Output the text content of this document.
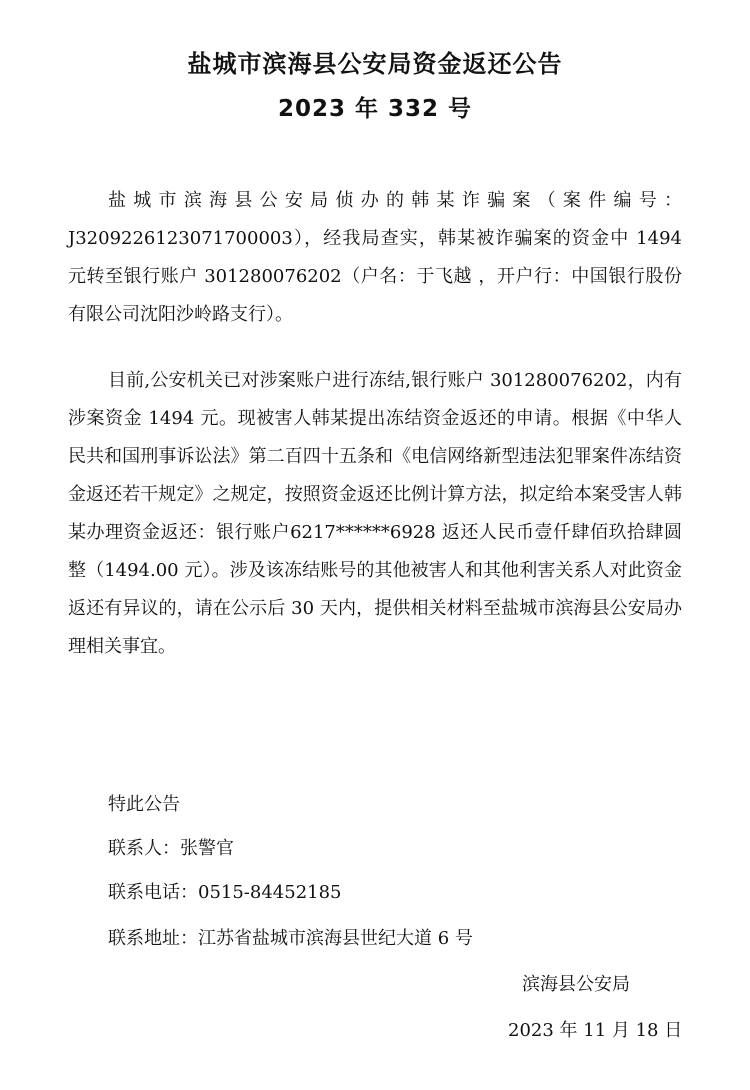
盐城市滨海县公安局资金返还公告
2023 年 332 号

盐城市滨海县公安局侦办的韩某诈骗案（案件编号：J3209226123071700003），经我局查实，韩某被诈骗案的资金中 1494 元转至银行账户 301280076202（户名：于飞越 ，开户行：中国银行股份有限公司沈阳沙岭路支行）。

目前,公安机关已对涉案账户进行冻结,银行账户 301280076202，内有涉案资金 1494 元。现被害人韩某提出冻结资金返还的申请。根据《中华人民共和国刑事诉讼法》第二百四十五条和《电信网络新型违法犯罪案件冻结资金返还若干规定》之规定，按照资金返还比例计算方法，拟定给本案受害人韩某办理资金返还：银行账户6217******6928 返还人民币壹仟肆佰玖拾肆圆整（1494.00 元）。涉及该冻结账号的其他被害人和其他利害关系人对此资金返还有异议的，请在公示后 30 天内，提供相关材料至盐城市滨海县公安局办理相关事宜。

特此公告
联系人：张警官
联系电话：0515-84452185
联系地址：江苏省盐城市滨海县世纪大道 6 号
滨海县公安局
2023 年 11 月 18 日
